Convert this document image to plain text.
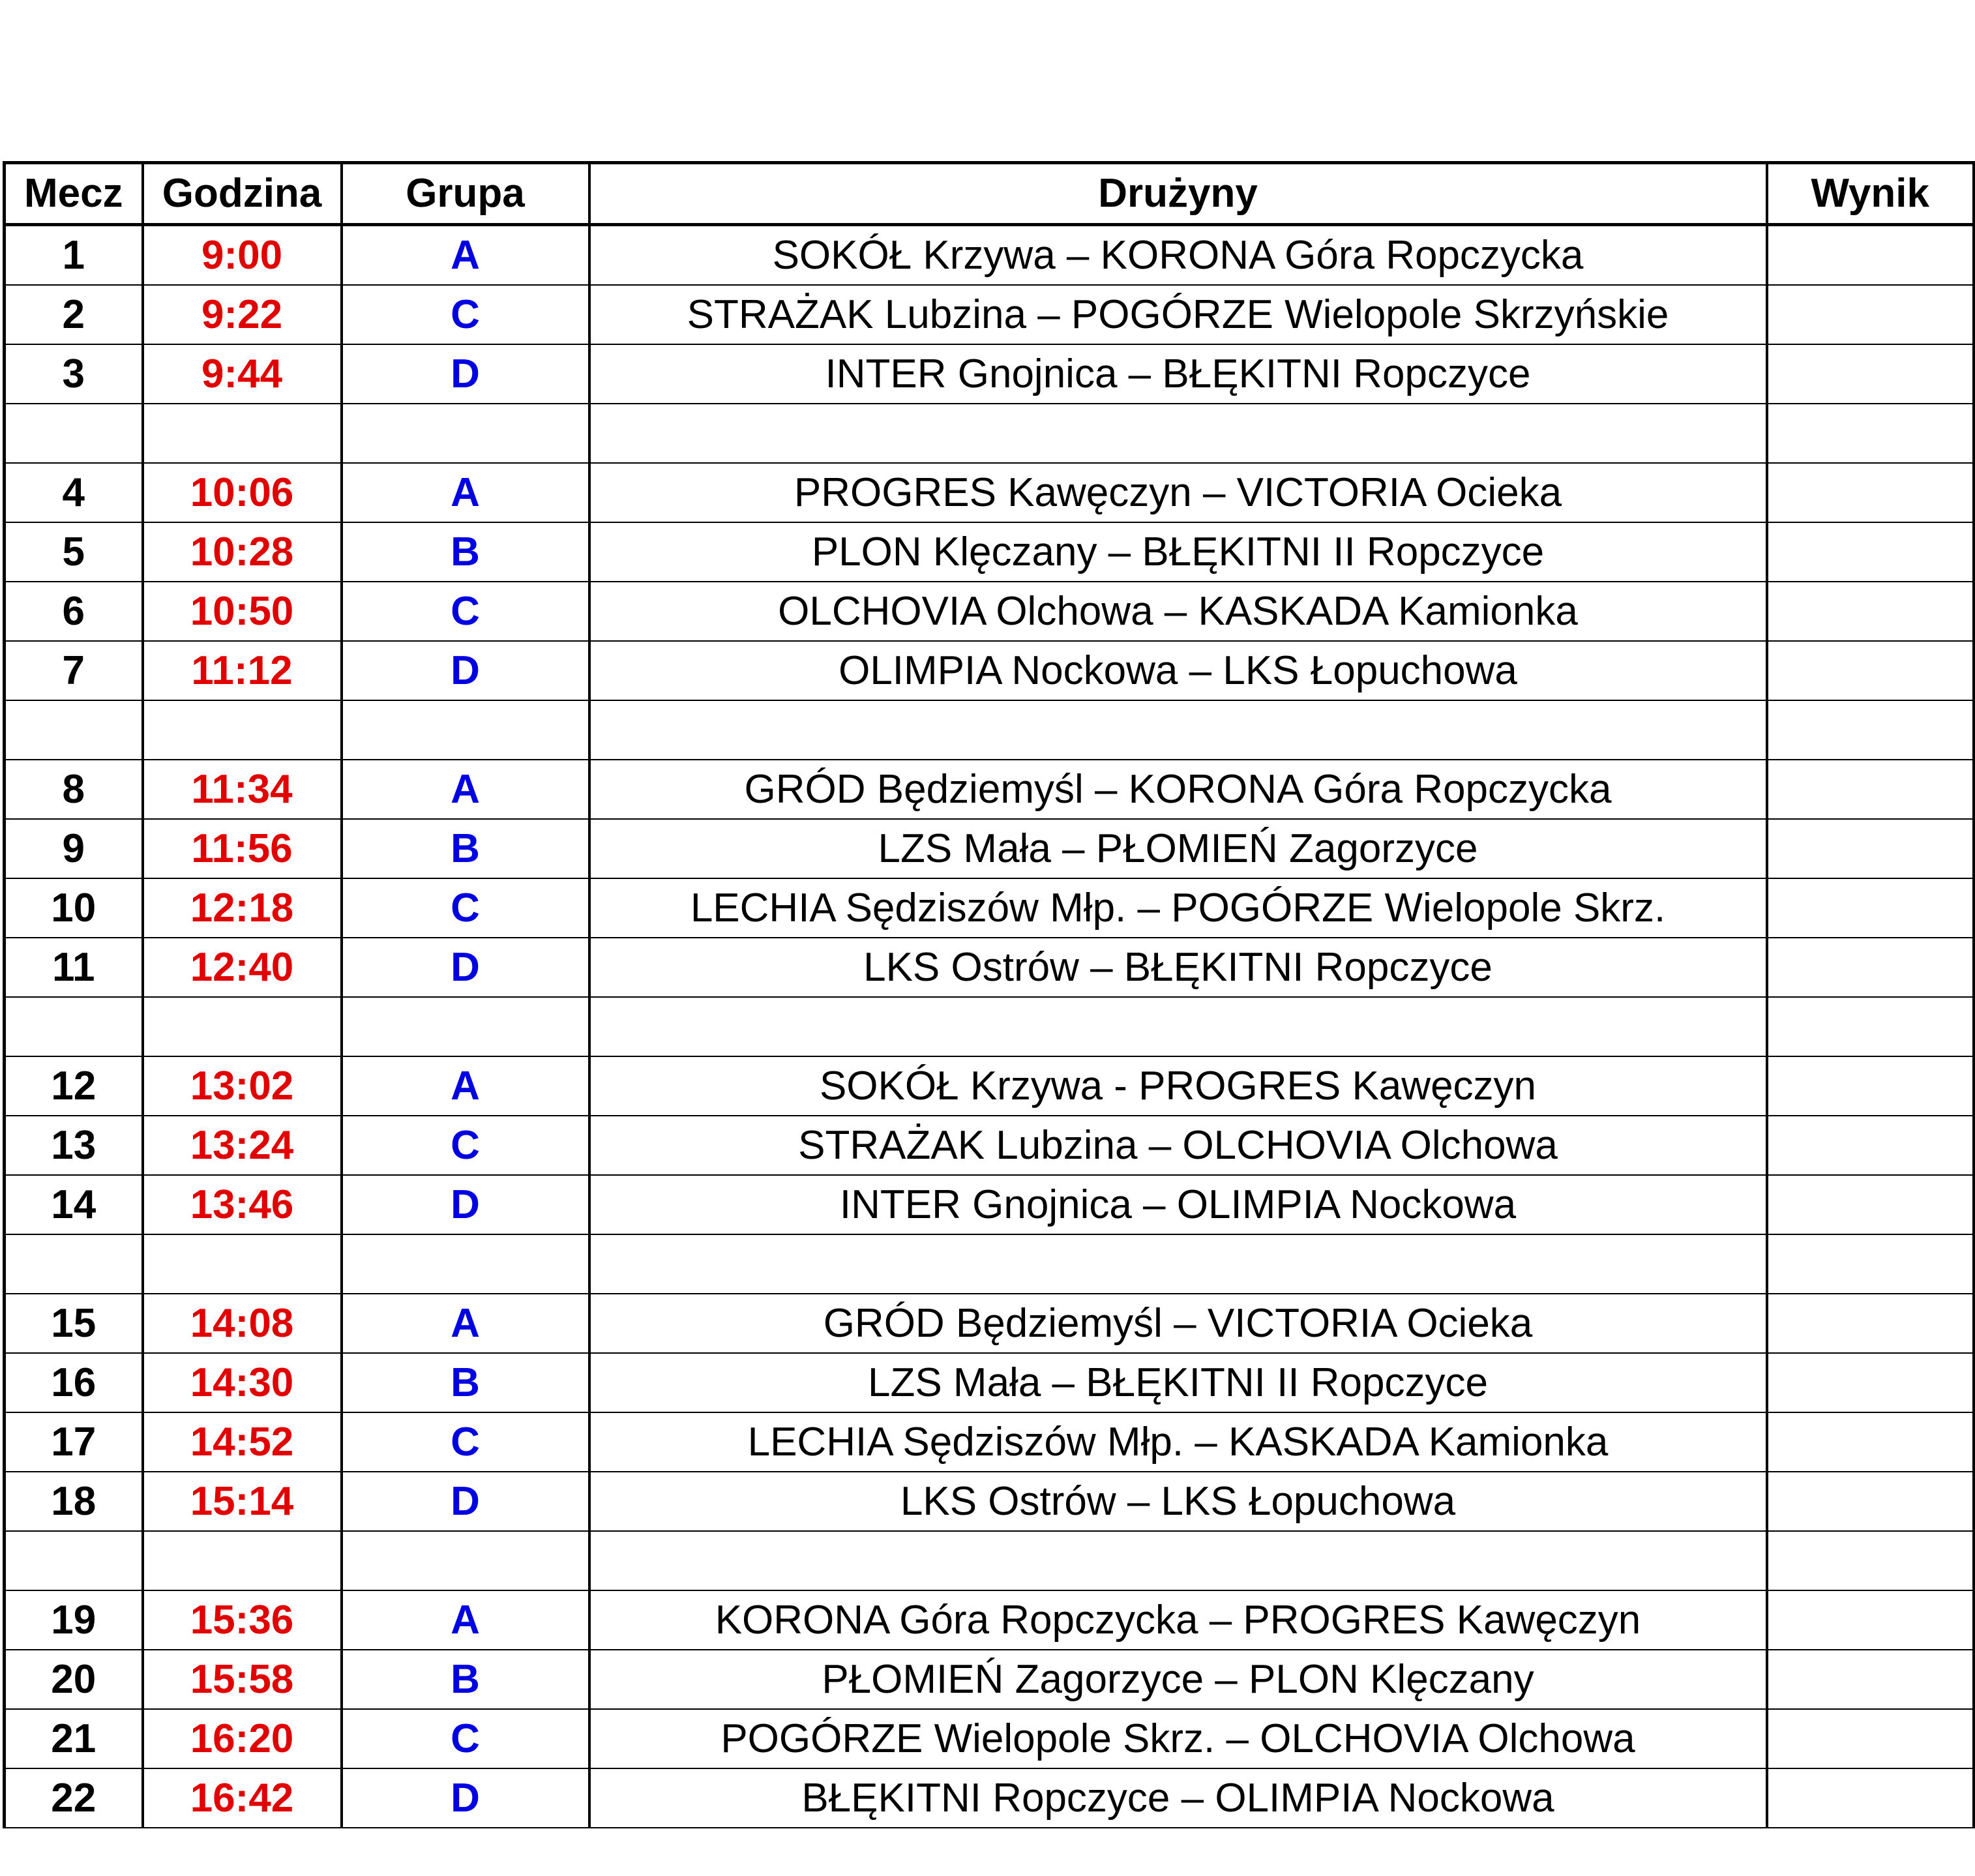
Mecz	Godzina	Grupa	Drużyny	Wynik
1	9:00	A	SOKÓŁ Krzywa – KORONA Góra Ropczycka	
2	9:22	C	STRAŻAK Lubzina – POGÓRZE Wielopole Skrzyńskie	
3	9:44	D	INTER Gnojnica – BŁĘKITNI Ropczyce	

4	10:06	A	PROGRES Kawęczyn – VICTORIA Ocieka	
5	10:28	B	PLON Klęczany – BŁĘKITNI II Ropczyce	
6	10:50	C	OLCHOVIA Olchowa – KASKADA Kamionka	
7	11:12	D	OLIMPIA Nockowa – LKS Łopuchowa	

8	11:34	A	GRÓD Będziemyśl – KORONA Góra Ropczycka	
9	11:56	B	LZS Mała – PŁOMIEŃ Zagorzyce	
10	12:18	C	LECHIA Sędziszów Młp. – POGÓRZE Wielopole Skrz.	
11	12:40	D	LKS Ostrów – BŁĘKITNI Ropczyce	

12	13:02	A	SOKÓŁ Krzywa - PROGRES Kawęczyn	
13	13:24	C	STRAŻAK Lubzina – OLCHOVIA Olchowa	
14	13:46	D	INTER Gnojnica – OLIMPIA Nockowa	

15	14:08	A	GRÓD Będziemyśl – VICTORIA Ocieka	
16	14:30	B	LZS Mała – BŁĘKITNI II Ropczyce	
17	14:52	C	LECHIA Sędziszów Młp. – KASKADA Kamionka	
18	15:14	D	LKS Ostrów – LKS Łopuchowa	

19	15:36	A	KORONA Góra Ropczycka – PROGRES Kawęczyn	
20	15:58	B	PŁOMIEŃ Zagorzyce – PLON Klęczany	
21	16:20	C	POGÓRZE Wielopole Skrz. – OLCHOVIA Olchowa	
22	16:42	D	BŁĘKITNI Ropczyce – OLIMPIA Nockowa	
